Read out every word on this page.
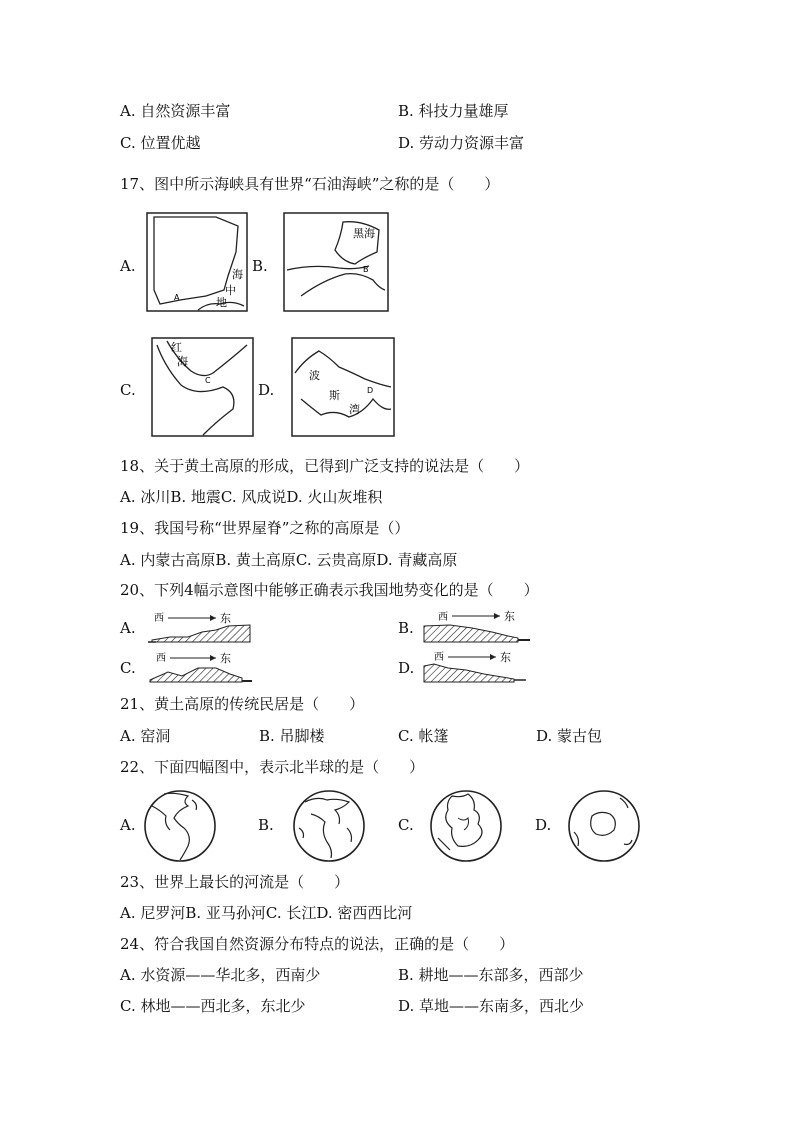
A. 自然资源丰富	B. 科技力量雄厚
C. 位置优越	D. 劳动力资源丰富
17、图中所示海峡具有世界“石油海峡”之称的是（　　）
A.	海
中
地
A
B.
黑海
B
C.
红
海
C
D.
波
斯
湾
D
18、关于黄土高原的形成，已得到广泛支持的说法是（　　）
A. 冰川B. 地震C. 风成说D. 火山灰堆积
19、我国号称“世界屋脊”之称的高原是（）
A. 内蒙古高原B. 黄土高原C. 云贵高原D. 青藏高原
20、下列4幅示意图中能够正确表示我国地势变化的是（　　）
A.
西	东
B.
西	东
C.
西	东
D.
西	东
21、黄土高原的传统民居是（　　）
A. 窑洞	B. 吊脚楼	C. 帐篷	D. 蒙古包
22、下面四幅图中，表示北半球的是（　　）
A.	B.	C.	D.
23、世界上最长的河流是（　　）
A. 尼罗河B. 亚马孙河C. 长江D. 密西西比河
24、符合我国自然资源分布特点的说法，正确的是（　　）
A. 水资源——华北多，西南少	B. 耕地——东部多，西部少
C. 林地——西北多，东北少	D. 草地——东南多，西北少
